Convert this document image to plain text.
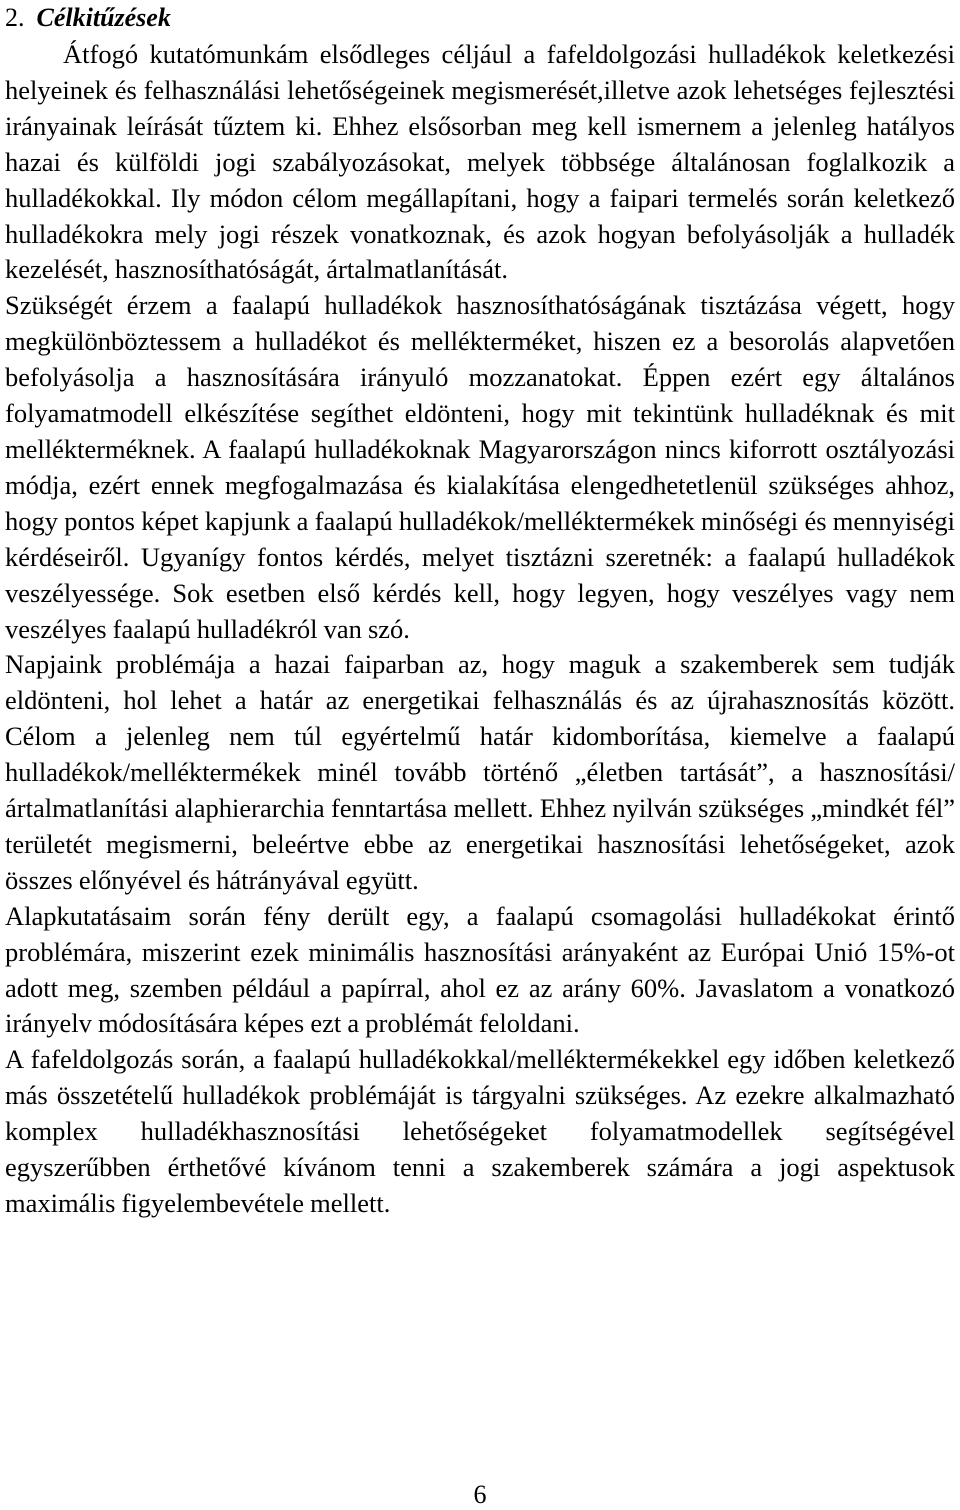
2. Célkitűzések

Átfogó kutatómunkám elsődleges céljául a fafeldolgozási hulladékok keletkezési helyeinek és felhasználási lehetőségeinek megismerését,illetve azok lehetséges fejlesztési irányainak leírását tűztem ki. Ehhez elsősorban meg kell ismernem a jelenleg hatályos hazai és külföldi jogi szabályozásokat, melyek többsége általánosan foglalkozik a hulladékokkal. Ily módon célom megállapítani, hogy a faipari termelés során keletkező hulladékokra mely jogi részek vonatkoznak, és azok hogyan befolyásolják a hulladék kezelését, hasznosíthatóságát, ártalmatlanítását.

Szükségét érzem a faalapú hulladékok hasznosíthatóságának tisztázása végett, hogy megkülönböztessem a hulladékot és mellékterméket, hiszen ez a besorolás alapvetően befolyásolja a hasznosítására irányuló mozzanatokat. Éppen ezért egy általános folyamatmodell elkészítése segíthet eldönteni, hogy mit tekintünk hulladéknak és mit mellékterméknek. A faalapú hulladékoknak Magyarországon nincs kiforrott osztályozási módja, ezért ennek megfogalmazása és kialakítása elengedhetetlenül szükséges ahhoz, hogy pontos képet kapjunk a faalapú hulladékok/melléktermékek minőségi és mennyiségi kérdéseiről. Ugyanígy fontos kérdés, melyet tisztázni szeretnék: a faalapú hulladékok veszélyessége. Sok esetben első kérdés kell, hogy legyen, hogy veszélyes vagy nem veszélyes faalapú hulladékról van szó.

Napjaink problémája a hazai faiparban az, hogy maguk a szakemberek sem tudják eldönteni, hol lehet a határ az energetikai felhasználás és az újrahasznosítás között. Célom a jelenleg nem túl egyértelmű határ kidomborítása, kiemelve a faalapú hulladékok/melléktermékek minél tovább történő „életben tartását”, a hasznosítási/ártalmatlanítási alaphierarchia fenntartása mellett. Ehhez nyilván szükséges „mindkét fél” területét megismerni, beleértve ebbe az energetikai hasznosítási lehetőségeket, azok összes előnyével és hátrányával együtt.

Alapkutatásaim során fény derült egy, a faalapú csomagolási hulladékokat érintő problémára, miszerint ezek minimális hasznosítási arányaként az Európai Unió 15%-ot adott meg, szemben például a papírral, ahol ez az arány 60%. Javaslatom a vonatkozó irányelv módosítására képes ezt a problémát feloldani.

A fafeldolgozás során, a faalapú hulladékokkal/melléktermékekkel egy időben keletkező más összetételű hulladékok problémáját is tárgyalni szükséges. Az ezekre alkalmazható komplex hulladékhasznosítási lehetőségeket folyamatmodellek segítségével egyszerűbben érthetővé kívánom tenni a szakemberek számára a jogi aspektusok maximális figyelembevétele mellett.

6
